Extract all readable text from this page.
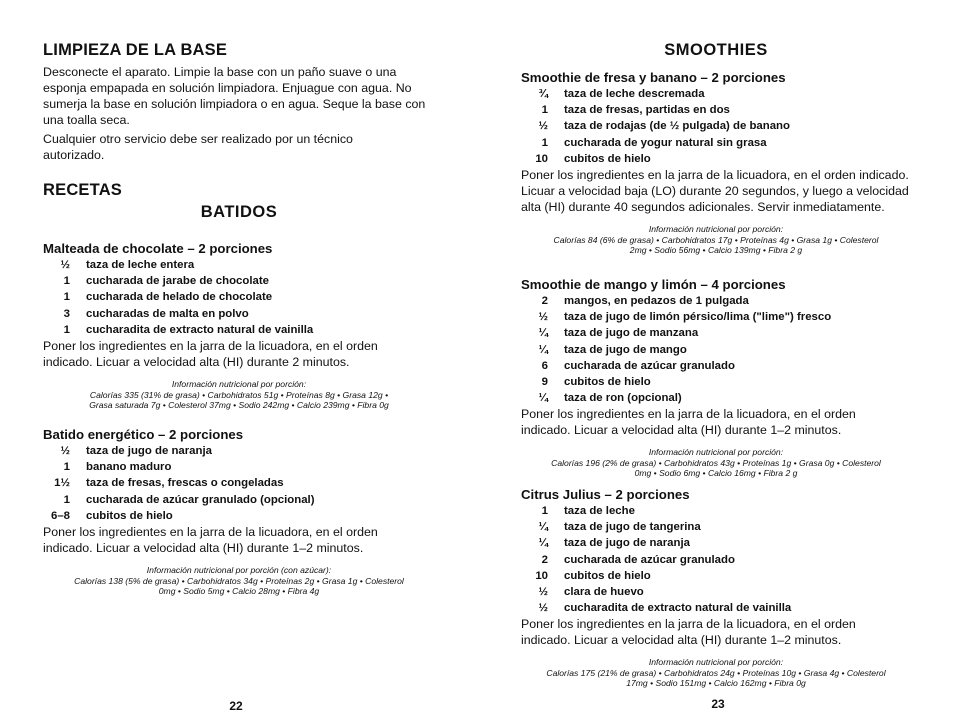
LIMPIEZA DE LA BASE

Desconecte el aparato. Limpie la base con un paño suave o una esponja empapada en solución limpiadora. Enjuague con agua. No sumerja la base en solución limpiadora o en agua. Seque la base con una toalla seca.

Cualquier otro servicio debe ser realizado por un técnico autorizado.

RECETAS
BATIDOS
Malteada de chocolate – 2 porciones
½	taza de leche entera
1	cucharada de jarabe de chocolate
1	cucharada de helado de chocolate
3	cucharadas de malta en polvo
1	cucharadita de extracto natural de vainilla

Poner los ingredientes en la jarra de la licuadora, en el orden indicado. Licuar a velocidad alta (HI) durante 2 minutos.

Información nutricional por porción:

Calorías 335 (31% de grasa) • Carbohidratos 51g • Proteínas 8g • Grasa 12g •

Grasa saturada 7g • Colesterol 37mg • Sodio 242mg • Calcio 239mg • Fibra 0g

Batido energético – 2 porciones
½	taza de jugo de naranja
1	banano maduro
1½	taza de fresas, frescas o congeladas
1	cucharada de azúcar granulado (opcional)
6–8	cubitos de hielo

Poner los ingredientes en la jarra de la licuadora, en el orden indicado. Licuar a velocidad alta (HI) durante 1–2 minutos.

Información nutricional por porción (con azúcar):

Calorías 138 (5% de grasa) • Carbohidratos 34g • Proteínas 2g • Grasa 1g • Colesterol

0mg • Sodio 5mg • Calcio 28mg • Fibra 4g

22
SMOOTHIES
Smoothie de fresa y banano – 2 porciones
¾	taza de leche descremada
1	taza de fresas, partidas en dos
½	taza de rodajas (de ½ pulgada) de banano
1	cucharada de yogur natural sin grasa
10	cubitos de hielo

Poner los ingredientes en la jarra de la licuadora, en el orden indicado. Licuar a velocidad baja (LO) durante 20 segundos, y luego a velocidad alta (HI) durante 40 segundos adicionales. Servir inmediatamente.

Información nutricional por porción:

Calorías 84 (6% de grasa) • Carbohidratos 17g • Proteínas 4g • Grasa 1g • Colesterol

2mg • Sodio 56mg • Calcio 139mg • Fibra 2 g

Smoothie de mango y limón – 4 porciones
2	mangos, en pedazos de 1 pulgada
½	taza de jugo de limón pérsico/lima ("lime") fresco
¼	taza de jugo de manzana
¼	taza de jugo de mango
6	cucharada de azúcar granulado
9	cubitos de hielo
¼	taza de ron (opcional)

Poner los ingredientes en la jarra de la licuadora, en el orden indicado. Licuar a velocidad alta (HI) durante 1–2 minutos.

Información nutricional por porción:

Calorías 196 (2% de grasa) • Carbohidratos 43g • Proteínas 1g • Grasa 0g • Colesterol

0mg • Sodio 6mg • Calcio 16mg • Fibra 2 g

Citrus Julius – 2 porciones
1	taza de leche
¼	taza de jugo de tangerina
¼	taza de jugo de naranja
2	cucharada de azúcar granulado
10	cubitos de hielo
½	clara de huevo
½	cucharadita de extracto natural de vainilla

Poner los ingredientes en la jarra de la licuadora, en el orden indicado. Licuar a velocidad alta (HI) durante 1–2 minutos.

Información nutricional por porción:

Calorías 175 (21% de grasa) • Carbohidratos 24g • Proteínas 10g • Grasa 4g • Colesterol

17mg • Sodio 151mg • Calcio 162mg • Fibra 0g

23
